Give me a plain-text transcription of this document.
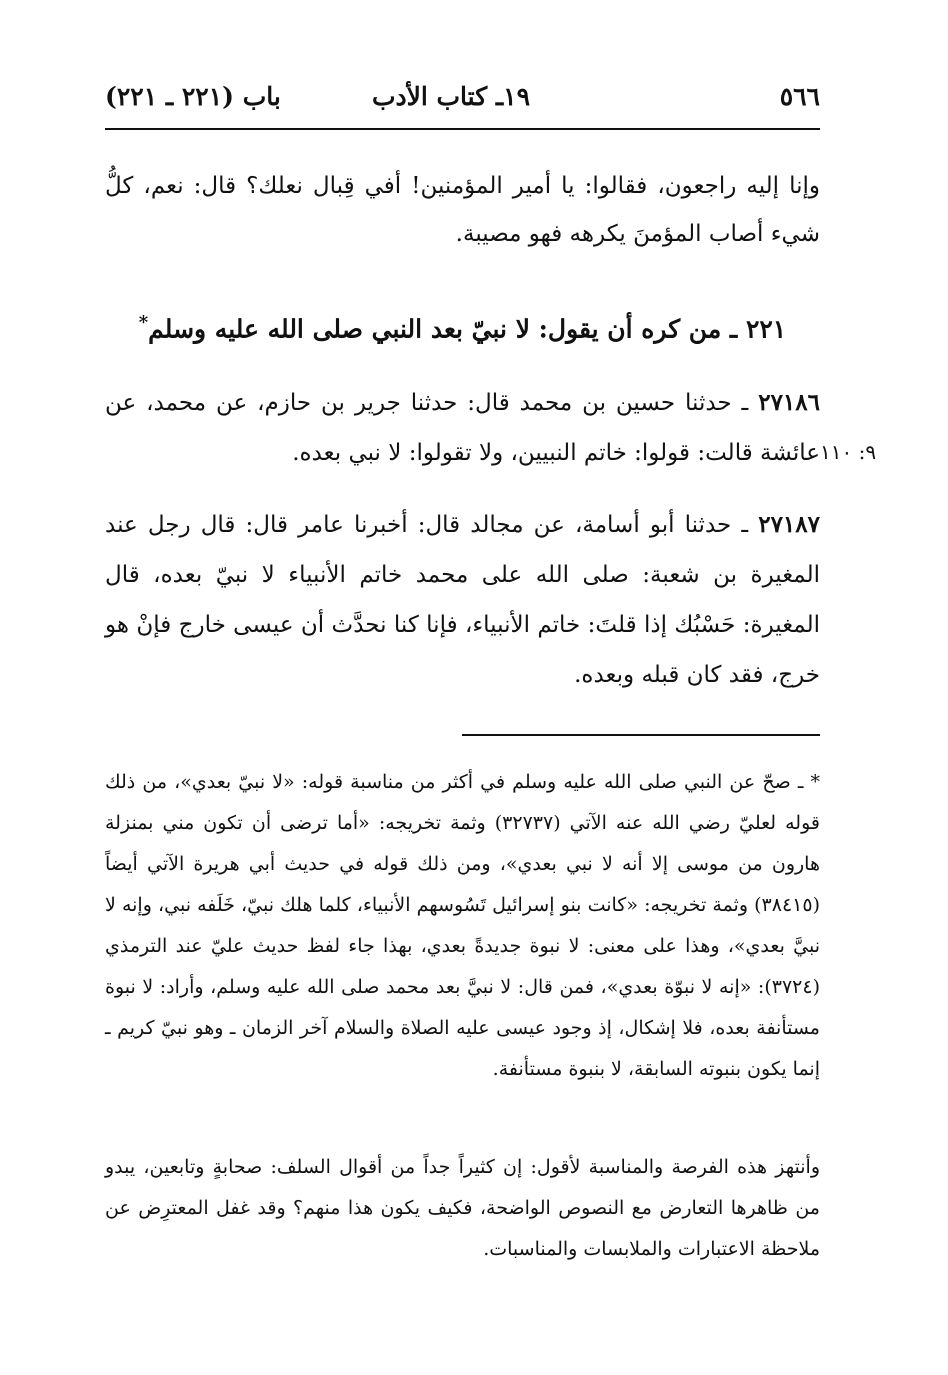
٥٦٦
١٩ـ كتاب الأدب
باب (٢٢١ ـ ٢٢١)
وإنا إليه راجعون، فقالوا: يا أمير المؤمنين! أفي قِبال نعلك؟ قال: نعم، كلُّ شيء أصاب المؤمنَ يكرهه فهو مصيبة.
٢٢١ ـ من كره أن يقول: لا نبيّ بعد النبي صلى الله عليه وسلم*
٢٧١٨٦ ـ حدثنا حسين بن محمد قال: حدثنا جرير بن حازم، عن محمد، عن عائشة قالت: قولوا: خاتم النبيين، ولا تقولوا: لا نبي بعده. ٩: ١١٠
٢٧١٨٧ ـ حدثنا أبو أسامة، عن مجالد قال: أخبرنا عامر قال: قال رجل عند المغيرة بن شعبة: صلى الله على محمد خاتم الأنبياء لا نبيّ بعده، قال المغيرة: حَسْبُك إذا قلتَ: خاتم الأنبياء، فإنا كنا نحدَّث أن عيسى خارج فإنْ هو خرج، فقد كان قبله وبعده.
* ـ صحّ عن النبي صلى الله عليه وسلم في أكثر من مناسبة قوله: «لا نبيّ بعدي»، من ذلك قوله لعليّ رضي الله عنه الآتي (٣٢٧٣٧) وثمة تخريجه: «أما ترضى أن تكون مني بمنزلة هارون من موسى إلا أنه لا نبي بعدي»، ومن ذلك قوله في حديث أبي هريرة الآتي أيضاً (٣٨٤١٥) وثمة تخريجه: «كانت بنو إسرائيل تَسُوسهم الأنبياء، كلما هلك نبيّ، خَلَفه نبي، وإنه لا نبيَّ بعدي»، وهذا على معنى: لا نبوة جديدةً بعدي، بهذا جاء لفظ حديث عليّ عند الترمذي (٣٧٢٤): «إنه لا نبوّة بعدي»، فمن قال: لا نبيَّ بعد محمد صلى الله عليه وسلم، وأراد: لا نبوة مستأنفة بعده، فلا إشكال، إذ وجود عيسى عليه الصلاة والسلام آخر الزمان ـ وهو نبيّ كريم ـ إنما يكون بنبوته السابقة، لا بنبوة مستأنفة.
وأنتهز هذه الفرصة والمناسبة لأقول: إن كثيراً جداً من أقوال السلف: صحابةٍ وتابعين، يبدو من ظاهرها التعارض مع النصوص الواضحة، فكيف يكون هذا منهم؟ وقد غفل المعترِض عن ملاحظة الاعتبارات والملابسات والمناسبات.
